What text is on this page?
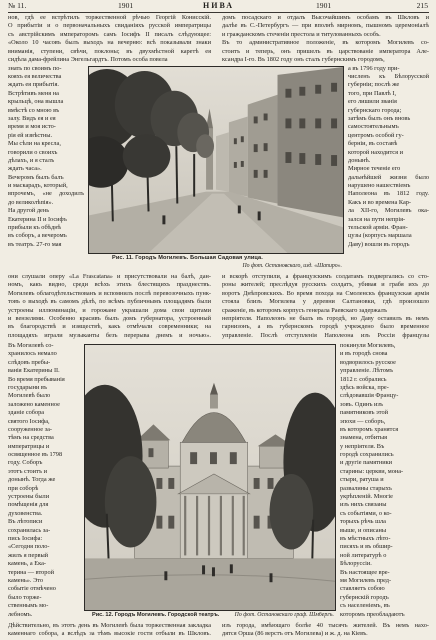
№ 11.	1901	НИВА	1901	215
нов, гдѣ ее встрѣтилъ торжественной рѣчью Георгій Конисскій.
О прибытіи и о первоначальныхъ свиданіяхъ русской императрицы
съ австрійскимъ императоромъ самъ Іосифъ II писалъ слѣдующее:
«Около 10 часовъ былъ выходъ на вечерню: всѣ показывали знаки
вниманія, ступени, свѣчи, поклоны; въ двухмѣстной каретѣ ея
сидѣла дама-фрейлина Энгельгардтъ. Потомъ особа повела
домъ посадскаго и отдалъ Высочайшимъ особамъ въ Шкловъ и
далѣе въ С.-Петербургъ — при вполнѣ мирномъ, пышномъ церемоніалѣ
и гражданскомъ стеченіи престола и титулованныхъ особъ.
Въ то административное положеніе, въ которомъ Могилевъ со-
стоитъ и теперь, онъ пришелъ въ царствованіе императора Але-
ксандра I-го. Въ 1802 году онъ сталъ губернскимъ городомъ,
знать по своимъ по-
кояхъ ея величества
ждать ея прибытія.
Встрѣтивъ меня на
крыльцѣ, она вышла
вмѣстѣ со мною въ
залу. Видъ ея и ея
время и моя исто-
рія ей извѣстны.
Мы сѣли на кресла,
говорили о своихъ
дѣлахъ, и я сталъ
ждать часа».
Вечеромъ былъ балъ
и маскарадъ, который,
впрочемъ, «не доходилъ
до великолѣпія».
На другой день
Екатерина II и Іосифъ
прибыли къ обѣднѣ
въ соборъ, а вечеромъ
въ театръ. 27-го мая
а въ 1796 году при-
численъ къ Бѣлорусской
губерніи; послѣ же
того, при Павлѣ I,
его лишили званія
губернскаго города;
затѣмъ былъ онъ вновь
самостоятельнымъ
центромъ особой гу-
берніи, въ составѣ
которой находится и
донынѣ.
Мирное теченіе его
дальнѣйшей жизни было
нарушено нашествіемъ
Наполеона въ 1812 году.
Какъ и во времена Кар-
ла XII-го, Могилевъ ока-
зался на пути непрія-
тельской арміи. Фран-
цузы (корпусъ маршала
Даву) вошли въ городъ
Рис. 11. Городъ Могилевъ. Большая Садовая улица.
По фот. Остановскаго, изд. «Шапиро».
они слушали оперу «La Frascatana» и присутствовали на балѣ, дан-
номъ, какъ видно, среди всѣхъ этихъ блестящихъ празднествъ.
Могилевъ облагодѣтельствованъ и вспомнилъ послѣ перевозочныхъ пунк-
товъ о выходѣ въ самомъ дѣлѣ, по всѣмъ публичнымъ площадямъ были
устроены иллюминаціи, и горожане украшали дома свои щитами
и вензелями. Особенно красивъ былъ домъ губернатора, устроенный
въ благородствѣ и изяществѣ, какъ отмѣчали современники; на
площадяхъ играли музыканты безъ перерыва днемъ и ночью».
и вскорѣ отступили, а французскимъ солдатамъ подвергались со сто-
роны жителей; преслѣдуя русскихъ солдатъ, убивая и грабя ихъ до
воротъ Днѣпровскихъ. Во время похода на Смоленскъ французская армія
стояла близъ Могилева у деревни Салтановки, гдѣ произошло
сраженіе, въ которомъ корпусъ генерала Раевскаго задержалъ
непріятеля. Наполеонъ не былъ въ городѣ, но Даву оставилъ въ немъ
гарнизонъ, а въ губернскомъ городѣ учреждено было временное
управленіе. Послѣ отступленія Наполеона изъ Россіи французы
Въ Могилевѣ со-
хранилось немало
слѣдовъ пребы-
ванія Екатерины II.
Во время пребыванія
государыни въ
Могилевѣ было
заложено каменное
зданіе собора
святого Іосифа,
сооруженное за-
тѣмъ на средства
императрицы и
освященное въ 1798
году. Соборъ
этотъ стоитъ и
донынѣ. Тогда же
при соборѣ
устроены были
помѣщенія для
духовенства.
Въ лѣтописи
сохранилась за-
пись Іосифа:
«Сегодня поло-
жилъ я первый
камень, а Ека-
терина — второй
камень». Это
событіе отмѣчено
было торже-
ственнымъ мо-
лебномъ.
покинули Могилевъ,
и въ городѣ снова
водворилось русское
управленіе. Лѣтомъ
1812 г. собрались
здѣсь войска, пре-
слѣдовавшія Францу-
зовъ. Одинъ изъ
памятниковъ этой
эпохи — соборъ,
въ которомъ хранятся
знамена, отбитыя
у непріятеля. Въ
городѣ сохранились
и другіе памятники
старины: церкви, мона-
стыри, ратуша и
развалины старыхъ
укрѣпленій. Многіе
изъ нихъ связаны
съ событіями, о ко-
торыхъ рѣчь шла
выше, и описаны
въ мѣстныхъ лѣто-
писяхъ и въ обшир-
ной литературѣ о
Бѣлоруссіи.
Въ настоящее вре-
мя Могилевъ пред-
ставляетъ собою
губернскій городъ
съ населеніемъ, въ
которомъ преобладаютъ
Рис. 12. Городъ Могилевъ. Городской театръ.	По фот. Остановскаго граф. Шмбергъ.
Дѣйствительно, въ этотъ день въ Могилевѣ была торжественная закладка
каменнаго собора, а вслѣдъ за тѣмъ высокіе гости отбыли въ Шкловъ.
изъ города, имѣющаго болѣе 40 тысячъ жителей. Въ немъ нахо-
дятся Орша (86 верстъ отъ Могилева) и ж. д. на Кіевъ.
